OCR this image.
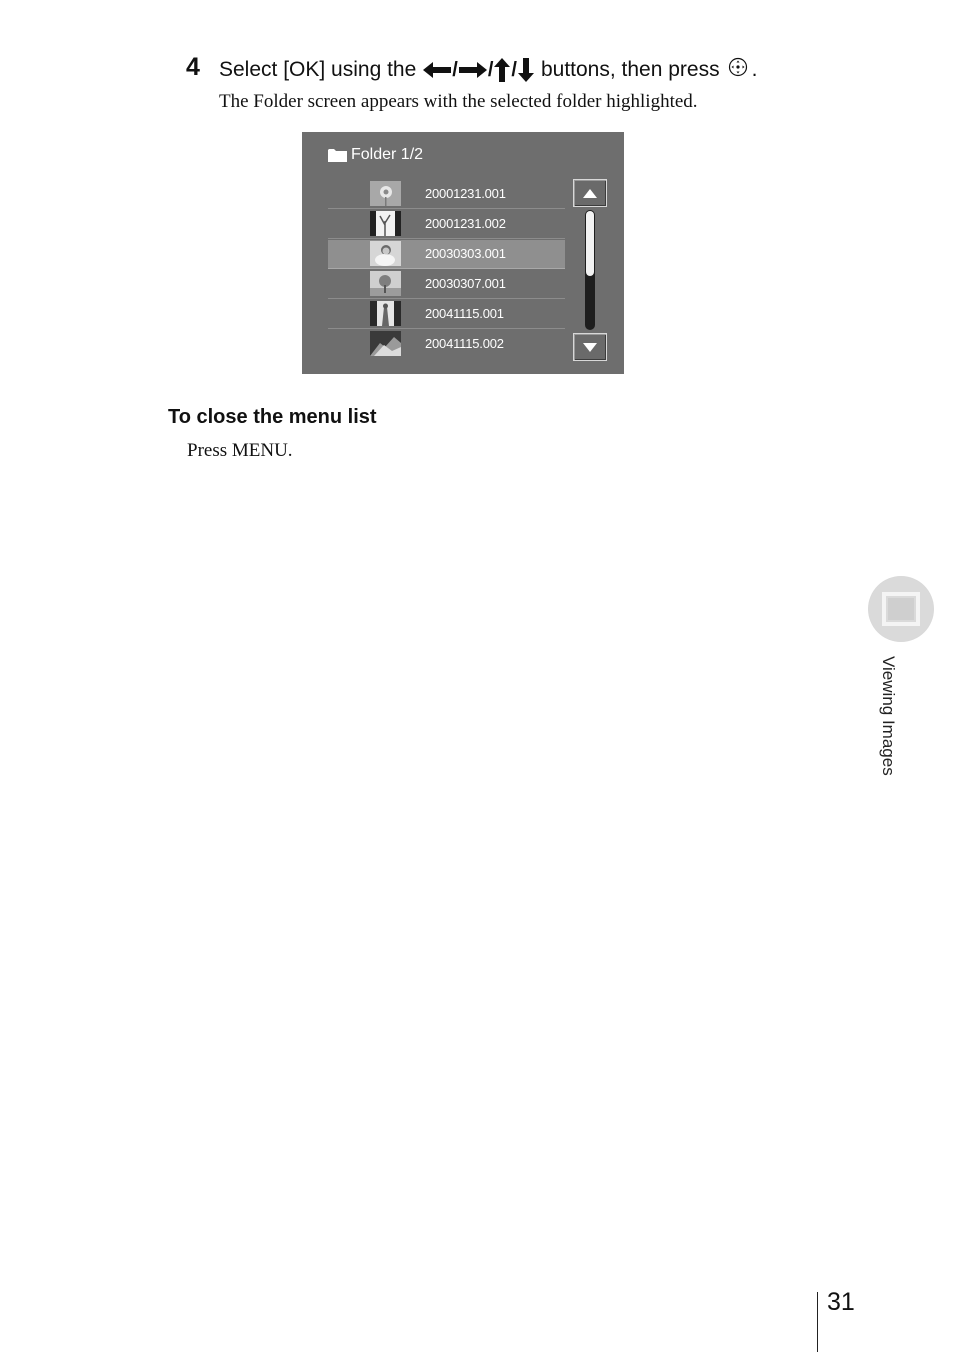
4 Select [OK] using the / / / buttons, then press .
The Folder screen appears with the selected folder highlighted.
Folder 1/2
20001231.001
20001231.002
20030303.001
20030307.001
20041115.001
20041115.002
To close the menu list
Press MENU.
Viewing Images
31
